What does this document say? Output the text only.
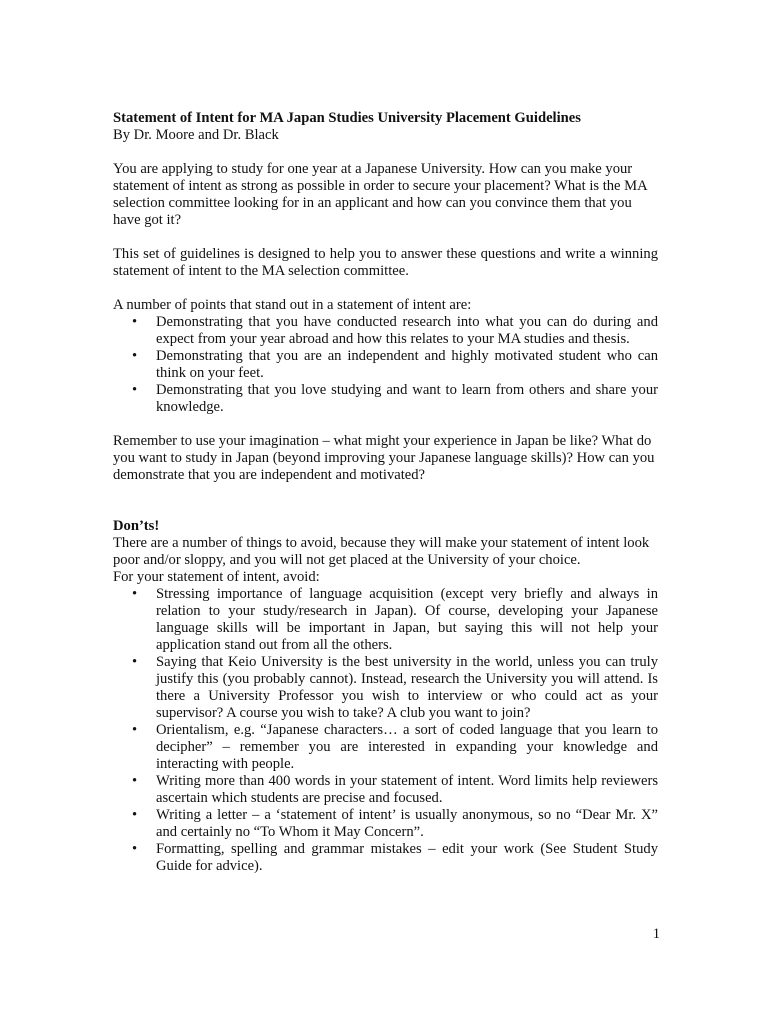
Statement of Intent for MA Japan Studies University Placement Guidelines
By Dr. Moore and Dr. Black

You are applying to study for one year at a Japanese University. How can you make your statement of intent as strong as possible in order to secure your placement? What is the MA selection committee looking for in an applicant and how can you convince them that you have got it?

This set of guidelines is designed to help you to answer these questions and write a winning statement of intent to the MA selection committee.

A number of points that stand out in a statement of intent are:
• Demonstrating that you have conducted research into what you can do during and expect from your year abroad and how this relates to your MA studies and thesis.
• Demonstrating that you are an independent and highly motivated student who can think on your feet.
• Demonstrating that you love studying and want to learn from others and share your knowledge.

Remember to use your imagination – what might your experience in Japan be like? What do you want to study in Japan (beyond improving your Japanese language skills)? How can you demonstrate that you are independent and motivated?

Don’ts!
There are a number of things to avoid, because they will make your statement of intent look poor and/or sloppy, and you will not get placed at the University of your choice.
For your statement of intent, avoid:
• Stressing importance of language acquisition (except very briefly and always in relation to your study/research in Japan). Of course, developing your Japanese language skills will be important in Japan, but saying this will not help your application stand out from all the others.
• Saying that Keio University is the best university in the world, unless you can truly justify this (you probably cannot). Instead, research the University you will attend. Is there a University Professor you wish to interview or who could act as your supervisor? A course you wish to take? A club you want to join?
• Orientalism, e.g. “Japanese characters… a sort of coded language that you learn to decipher” – remember you are interested in expanding your knowledge and interacting with people.
• Writing more than 400 words in your statement of intent. Word limits help reviewers ascertain which students are precise and focused.
• Writing a letter – a ‘statement of intent’ is usually anonymous, so no “Dear Mr. X” and certainly no “To Whom it May Concern”.
• Formatting, spelling and grammar mistakes – edit your work (See Student Study Guide for advice).
1
